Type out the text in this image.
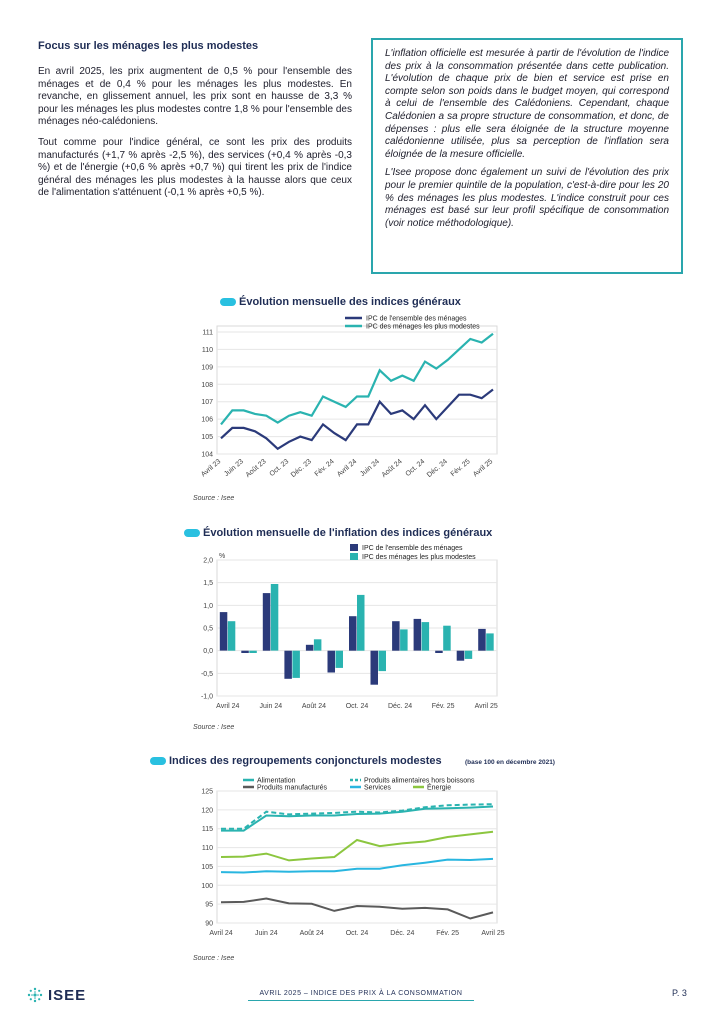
Focus sur les ménages les plus modestes

En avril 2025, les prix augmentent de 0,5 % pour l'ensemble des ménages et de 0,4 % pour les ménages les plus modestes. En revanche, en glissement annuel, les prix sont en hausse de 3,3 % pour les ménages les plus modestes contre 1,8 % pour l'ensemble des ménages néo-calédoniens.

Tout comme pour l'indice général, ce sont les prix des produits manufacturés (+1,7 % après -2,5 %), des services (+0,4 % après -0,3 %) et de l'énergie (+0,6 % après +0,7 %) qui tirent les prix de l'indice général des ménages les plus modestes à la hausse alors que ceux de l'alimentation s'atténuent (-0,1 % après +0,5 %).

L'inflation officielle est mesurée à partir de l'évolution de l'indice des prix à la consommation présentée dans cette publication. L'évolution de chaque prix de bien et service est prise en compte selon son poids dans le budget moyen, qui correspond à celui de l'ensemble des Calédoniens. Cependant, chaque Calédonien a sa propre structure de consommation, et donc, de dépenses : plus elle sera éloignée de la structure moyenne calédonienne utilisée, plus sa perception de l'inflation sera éloignée de la mesure officielle.

L'Isee propose donc également un suivi de l'évolution des prix pour le premier quintile de la population, c'est-à-dire pour les 20 % des ménages les plus modestes. L'indice construit pour ces ménages est basé sur leur profil spécifique de consommation (voir notice méthodologique).

Évolution mensuelle des indices généraux
104
105
106
107
108
109
110
111
Avril 23 Juin 23 Août 23 Oct. 23 Déc. 23 Fév. 24 Avril 24 Juin 24 Août 24 Oct. 24 Déc. 24 Fév. 25 Avril 25
IPC de l'ensemble des ménages
IPC des ménages les plus modestes
Source : Isee
Évolution mensuelle de l'inflation des indices généraux
-1,0
-0,5
0,0
0,5
1,0
1,5
2,0
%
IPC de l'ensemble des ménages
IPC des ménages les plus modestes
Avril 24	Juin 24	Août 24	Oct. 24	Déc. 24	Fév. 25	Avril 25
Source : Isee
Indices des regroupements conjoncturels modestes	(base 100 en décembre 2021)
90
95
100
105
110
115
120
125
Avril 24	Juin 24	Août 24	Oct. 24	Déc. 24	Fév. 25	Avril 25
Alimentation	Produits alimentaires hors boissons
Produits manufacturés	Services	Énergie
Source : Isee
ISEE	AVRIL 2025 – INDICE DES PRIX À LA CONSOMMATION	P. 3
